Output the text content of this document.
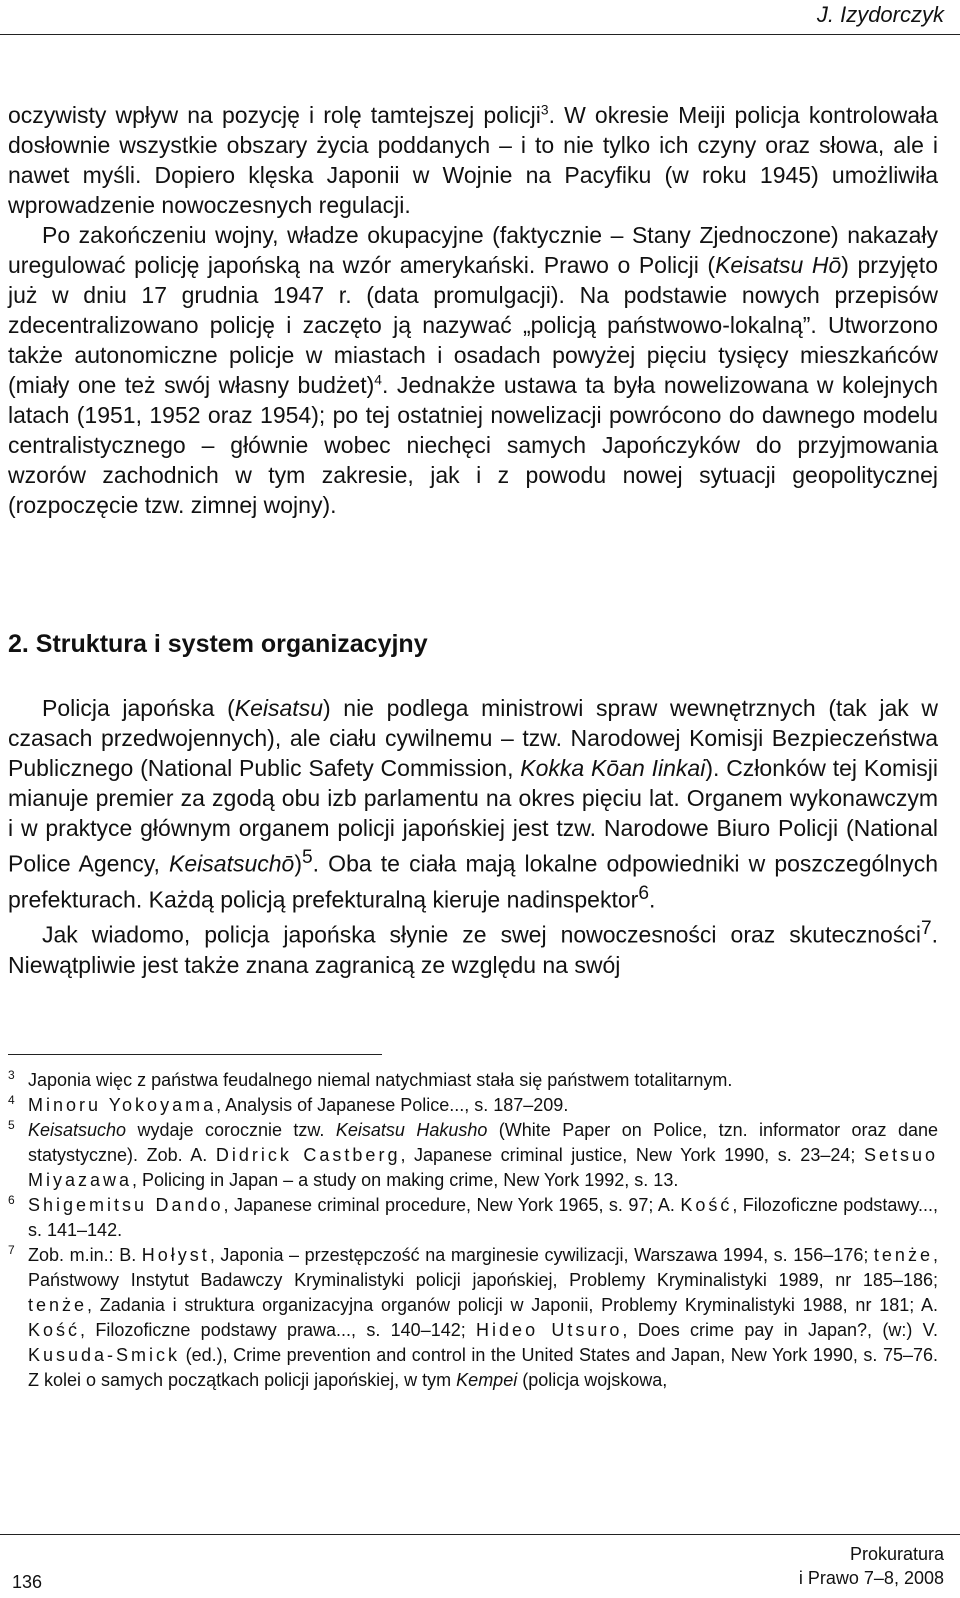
J. Izydorczyk

oczywisty wpływ na pozycję i rolę tamtejszej policji$^3$. W okresie Meiji policja kontrolowała dosłownie wszystkie obszary życia poddanych – i to nie tylko ich czyny oraz słowa, ale i nawet myśli. Dopiero klęska Japonii w Wojnie na Pacyfiku (w roku 1945) umożliwiła wprowadzenie nowoczesnych regulacji.

Po zakończeniu wojny, władze okupacyjne (faktycznie – Stany Zjednoczone) nakazały uregulować policję japońską na wzór amerykański. Prawo o Policji (Keisatsu Hō) przyjęto już w dniu 17 grudnia 1947 r. (data promulgacji). Na podstawie nowych przepisów zdecentralizowano policję i zaczęto ją nazywać „policją państwowo-lokalną”. Utworzono także autonomiczne policje w miastach i osadach powyżej pięciu tysięcy mieszkańców (miały one też swój własny budżet)$^4$. Jednakże ustawa ta była nowelizowana w kolejnych latach (1951, 1952 oraz 1954); po tej ostatniej nowelizacji powrócono do dawnego modelu centralistycznego – głównie wobec niechęci samych Japończyków do przyjmowania wzorów zachodnich w tym zakresie, jak i z powodu nowej sytuacji geopolitycznej (rozpoczęcie tzw. zimnej wojny).

2. Struktura i system organizacyjny

Policja japońska (Keisatsu) nie podlega ministrowi spraw wewnętrznych (tak jak w czasach przedwojennych), ale ciału cywilnemu – tzw. Narodowej Komisji Bezpieczeństwa Publicznego (National Public Safety Commission, Kokka Kōan Iinkai). Członków tej Komisji mianuje premier za zgodą obu izb parlamentu na okres pięciu lat. Organem wykonawczym i w praktyce głównym organem policji japońskiej jest tzw. Narodowe Biuro Policji (National Police Agency, Keisatsuchō)$^5$. Oba te ciała mają lokalne odpowiedniki w poszczególnych prefekturach. Każdą policją prefekturalną kieruje nadinspektor$^6$.

Jak wiadomo, policja japońska słynie ze swej nowoczesności oraz skuteczności$^7$. Niewątpliwie jest także znana zagranicą ze względu na swój

3 Japonia więc z państwa feudalnego niemal natychmiast stała się państwem totalitarnym.

4 Minoru Yokoyama, Analysis of Japanese Police..., s. 187–209.

5 Keisatsucho wydaje corocznie tzw. Keisatsu Hakusho (White Paper on Police, tzn. informator oraz dane statystyczne). Zob. A. Didrick Castberg, Japanese criminal justice, New York 1990, s. 23–24; Setsuo Miyazawa, Policing in Japan – a study on making crime, New York 1992, s. 13.

6 Shigemitsu Dando, Japanese criminal procedure, New York 1965, s. 97; A. Kość, Filozoficzne podstawy..., s. 141–142.

7 Zob. m.in.: B. Hołyst, Japonia – przestępczość na marginesie cywilizacji, Warszawa 1994, s. 156–176; tenże, Państwowy Instytut Badawczy Kryminalistyki policji japońskiej, Problemy Kryminalistyki 1989, nr 185–186; tenże, Zadania i struktura organizacyjna organów policji w Japonii, Problemy Kryminalistyki 1988, nr 181; A. Kość, Filozoficzne podstawy prawa..., s. 140–142; Hideo Utsuro, Does crime pay in Japan?, (w:) V. Kusuda-Smick (ed.), Crime prevention and control in the United States and Japan, New York 1990, s. 75–76. Z kolei o samych początkach policji japońskiej, w tym Kempei (policja wojskowa,

136
Prokuratura
i Prawo 7–8, 2008
